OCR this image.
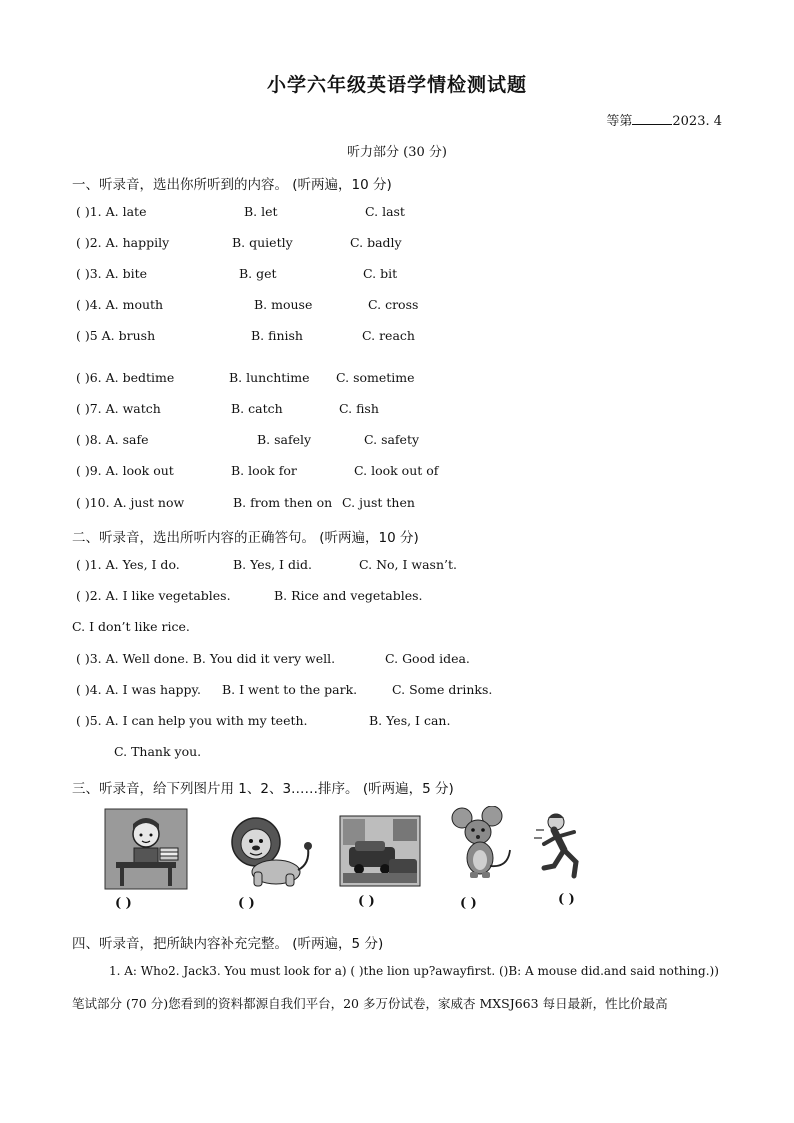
小学六年级英语学情检测试题
等第	2023. 4
听力部分 (30 分)
一、听录音，选出你所听到的内容。 (听两遍，10 分)
( )1. A. late	B. let	C. last
( )2. A. happily	B. quietly	C. badly
( )3. A. bite	B. get	C. bit
( )4. A. mouth	B. mouse	C. cross
( )5 A. brush	B. finish	C. reach
( )6. A. bedtime	B. lunchtime C. sometime
( )7. A. watch	B. catch	C. fish
( )8. A. safe	B. safely	C. safety
( )9. A. look out	B. look for	C. look out of
( )10. A. just now	B. from then on C. just then
二、听录音，选出所听内容的正确答句。 (听两遍，10 分)
( )1. A. Yes, I do.	B. Yes, I did.	C. No, I wasn’t.
( )2. A. I like vegetables.	B. Rice and vegetables.
C. I don’t like rice.
( )3. A. Well done. B. You did it very well.	C. Good idea.
( )4. A. I was happy. B. I went to the park.	C. Some drinks.
( )5. A. I can help you with my teeth.	B. Yes, I can.
C. Thank you.
三、听录音，给下列图片用 1、2、3……排序。 (听两遍，5 分)
( )	( )	( )	( )	( )
四、听录音，把所缺内容补充完整。 (听两遍，5 分)
1. A: Who2. Jack3. You must look for a) ( )the lion up?awayfirst. ()B: A mouse did.and said nothing.))
笔试部分 (70 分)您看到的资料都源自我们平台，20 多万份试卷，家威杏 MXSJ663 每日最新，性比价最高
